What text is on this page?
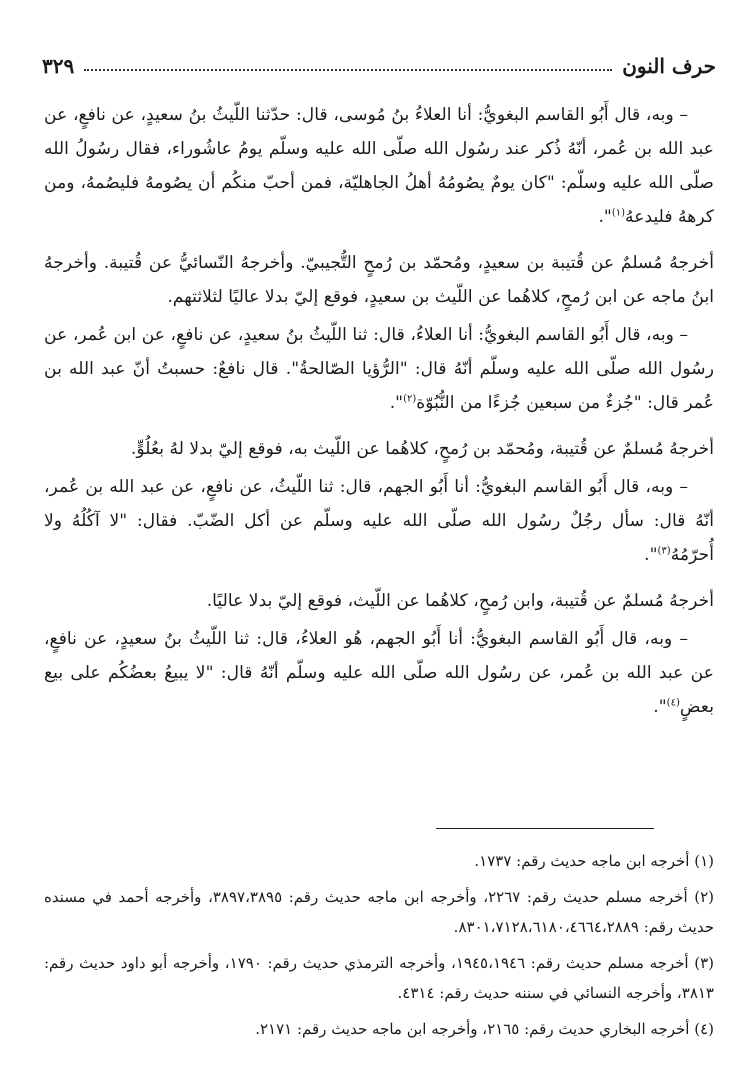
حرف النون
٣٢٩

– وبه، قال أَبُو القاسم البغويُّ: أنا العلاءُ بنُ مُوسى، قال: حدّثنا اللّيثُ بنُ سعيدٍ، عن نافعٍ، عن عبد الله بن عُمر، أنّهُ ذُكر عند رسُول الله صلّى الله عليه وسلّم يومُ عاشُوراء، فقال رسُولُ الله صلّى الله عليه وسلّم: "كان يومٌ يصُومُهُ أهلُ الجاهليّة، فمن أحبّ منكُم أن يصُومهُ فليصُمهُ، ومن كرههُ فليدعهُ$^{(١)}$".

أخرجهُ مُسلمٌ عن قُتيبة بن سعيدٍ، ومُحمّد بن رُمحٍ التُّجيبيّ. وأخرجهُ النّسائيُّ عن قُتيبة. وأخرجهُ ابنُ ماجه عن ابن رُمحٍ، كلاهُما عن اللّيث بن سعيدٍ، فوقع إليّ بدلا عاليًا لثلاثتهم.

– وبه، قال أَبُو القاسم البغويُّ: أنا العلاءُ، قال: ثنا اللّيثُ بنُ سعيدٍ، عن نافعٍ، عن ابن عُمر، عن رسُول الله صلّى الله عليه وسلّم أنّهُ قال: "الرُّؤيا الصّالحةُ". قال نافعٌ: حسبتُ أنّ عبد الله بن عُمر قال: "جُزءٌ من سبعين جُزءًا من النُّبُوّة$^{(٢)}$".

أخرجهُ مُسلمٌ عن قُتيبة، ومُحمّد بن رُمحٍ، كلاهُما عن اللّيث به، فوقع إليّ بدلا لهُ بعُلُوٍّ.

– وبه، قال أَبُو القاسم البغويُّ: أنا أَبُو الجهم، قال: ثنا اللّيثُ، عن نافعٍ، عن عبد الله بن عُمر، أنّهُ قال: سأل رجُلٌ رسُول الله صلّى الله عليه وسلّم عن أكل الضّبّ. فقال: "لا آكُلُهُ ولا أُحرّمُهُ$^{(٣)}$".

أخرجهُ مُسلمٌ عن قُتيبة، وابن رُمحٍ، كلاهُما عن اللّيث، فوقع إليّ بدلا عاليًا.

– وبه، قال أَبُو القاسم البغويُّ: أنا أَبُو الجهم، هُو العلاءُ، قال: ثنا اللّيثُ بنُ سعيدٍ، عن نافعٍ، عن عبد الله بن عُمر، عن رسُول الله صلّى الله عليه وسلّم أنّهُ قال: "لا يبيعُ بعضُكُم على بيع بعضٍ$^{(٤)}$".

(١) أخرجه ابن ماجه حديث رقم: ١٧٣٧.

(٢) أخرجه مسلم حديث رقم: ٢٢٦٧، وأخرجه ابن ماجه حديث رقم: ٣٨٩٧،٣٨٩٥، وأخرجه أحمد في مسنده حديث رقم: ٨٣٠١،٧١٢٨،٦١٨٠،٤٦٦٤،٢٨٨٩.

(٣) أخرجه مسلم حديث رقم: ١٩٤٥،١٩٤٦، وأخرجه الترمذي حديث رقم: ١٧٩٠، وأخرجه أبو داود حديث رقم: ٣٨١٣، وأخرجه النسائي في سننه حديث رقم: ٤٣١٤.

(٤) أخرجه البخاري حديث رقم: ٢١٦٥، وأخرجه ابن ماجه حديث رقم: ٢١٧١.
